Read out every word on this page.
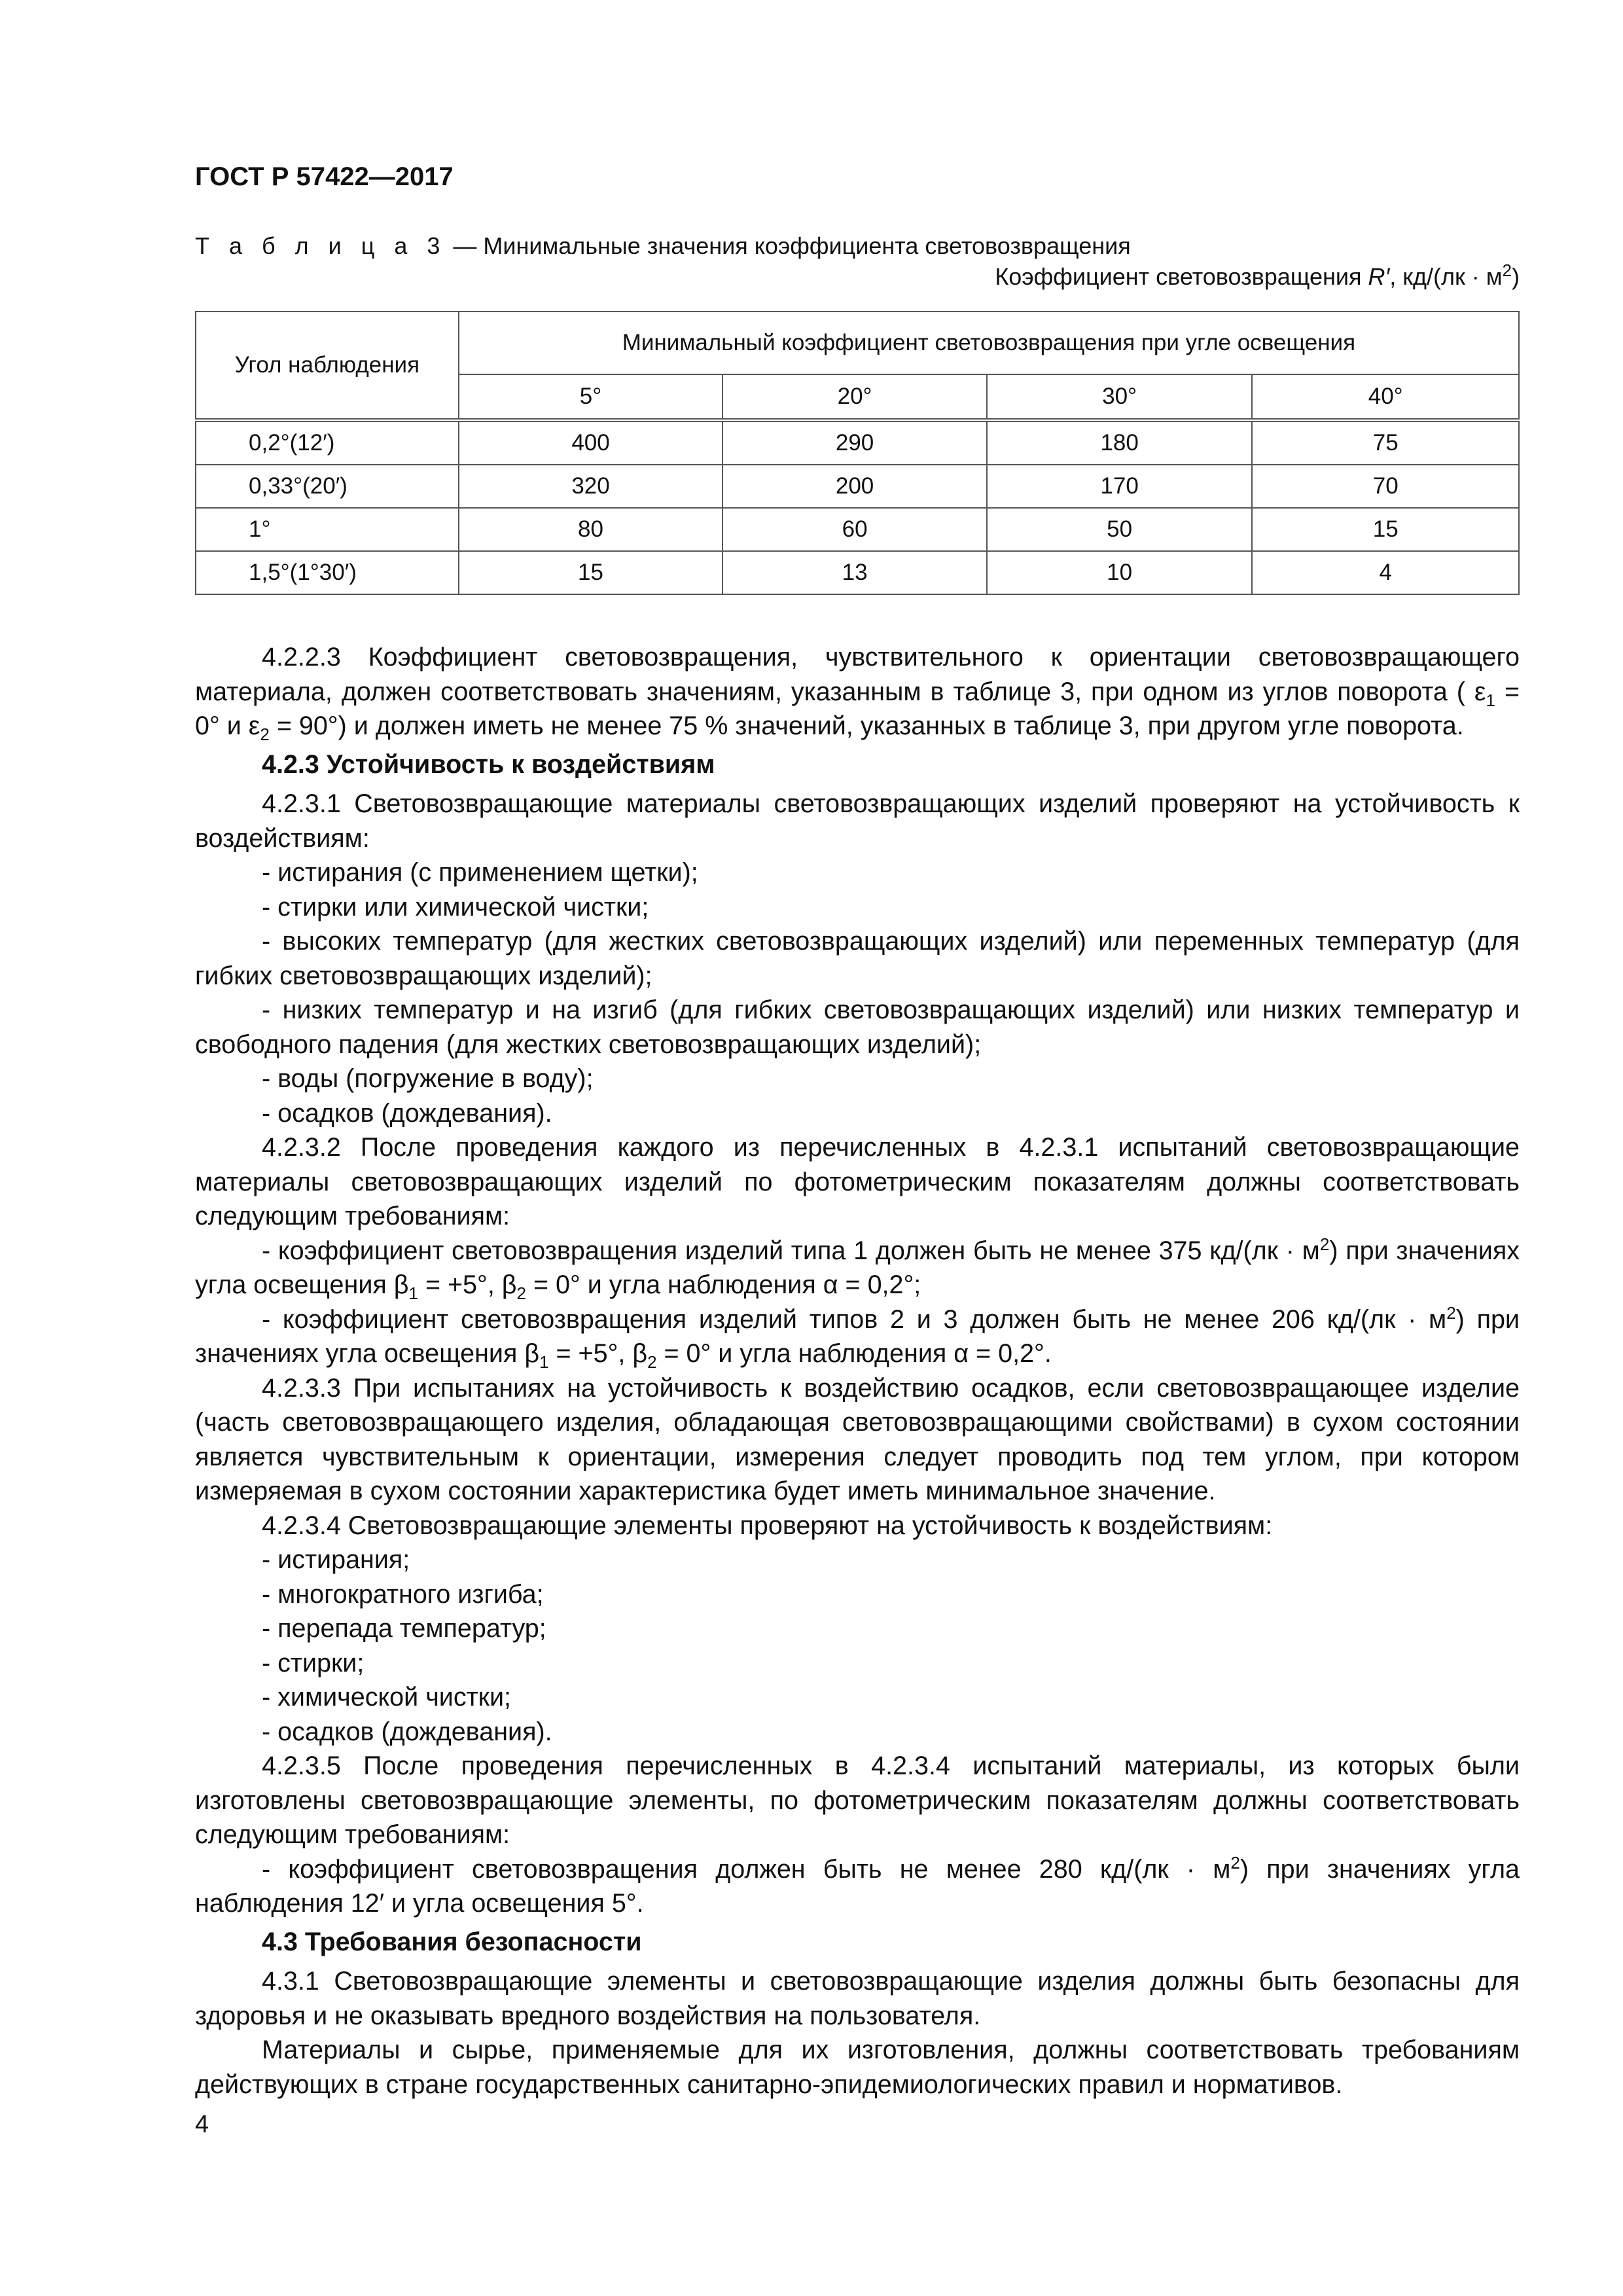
ГОСТ Р 57422—2017
Т а б л и ц а 3 — Минимальные значения коэффициента световозвращения
Коэффициент световозвращения R′, $кд/(лк \cdot м^2)$
Угол наблюдения	Минимальный коэффициент световозвращения при угле освещения			
	5°	20°	30°	40°
0,2°(12′)	400	290	180	75
0,33°(20′)	320	200	170	70
1°	80	60	50	15
1,5°(1°30′)	15	13	10	4

4.2.2.3 Коэффициент световозвращения, чувствительного к ориентации световозвращающего материала, должен соответствовать значениям, указанным в таблице 3, при одном из углов поворота ( $\varepsilon_1 = 0^\circ$ и $\varepsilon_2 = 90^\circ$) и должен иметь не менее 75 % значений, указанных в таблице 3, при другом угле поворота.

4.2.3 Устойчивость к воздействиям

4.2.3.1 Световозвращающие материалы световозвращающих изделий проверяют на устойчивость к воздействиям:

- истирания (с применением щетки);

- стирки или химической чистки;

- высоких температур (для жестких световозвращающих изделий) или переменных температур (для гибких световозвращающих изделий);

- низких температур и на изгиб (для гибких световозвращающих изделий) или низких температур и свободного падения (для жестких световозвращающих изделий);

- воды (погружение в воду);

- осадков (дождевания).

4.2.3.2 После проведения каждого из перечисленных в 4.2.3.1 испытаний световозвращающие материалы световозвращающих изделий по фотометрическим показателям должны соответствовать следующим требованиям:

- коэффициент световозвращения изделий типа 1 должен быть не менее 375 $кд/(лк \cdot м^2)$ при значениях угла освещения $\beta_1 = +5^\circ$, $\beta_2 = 0^\circ$ и угла наблюдения α = 0,2°;

- коэффициент световозвращения изделий типов 2 и 3 должен быть не менее 206 $кд/(лк \cdot м^2)$ при значениях угла освещения $\beta_1 = +5^\circ$, $\beta_2 = 0^\circ$ и угла наблюдения α = 0,2°.

4.2.3.3 При испытаниях на устойчивость к воздействию осадков, если световозвращающее изделие (часть световозвращающего изделия, обладающая световозвращающими свойствами) в сухом состоянии является чувствительным к ориентации, измерения следует проводить под тем углом, при котором измеряемая в сухом состоянии характеристика будет иметь минимальное значение.

4.2.3.4 Световозвращающие элементы проверяют на устойчивость к воздействиям:

- истирания;

- многократного изгиба;

- перепада температур;

- стирки;

- химической чистки;

- осадков (дождевания).

4.2.3.5 После проведения перечисленных в 4.2.3.4 испытаний материалы, из которых были изготовлены световозвращающие элементы, по фотометрическим показателям должны соответствовать следующим требованиям:

- коэффициент световозвращения должен быть не менее 280 $кд/(лк \cdot м^2)$ при значениях угла наблюдения 12′ и угла освещения 5°.

4.3 Требования безопасности

4.3.1 Световозвращающие элементы и световозвращающие изделия должны быть безопасны для здоровья и не оказывать вредного воздействия на пользователя.

Материалы и сырье, применяемые для их изготовления, должны соответствовать требованиям действующих в стране государственных санитарно-эпидемиологических правил и нормативов.

4
